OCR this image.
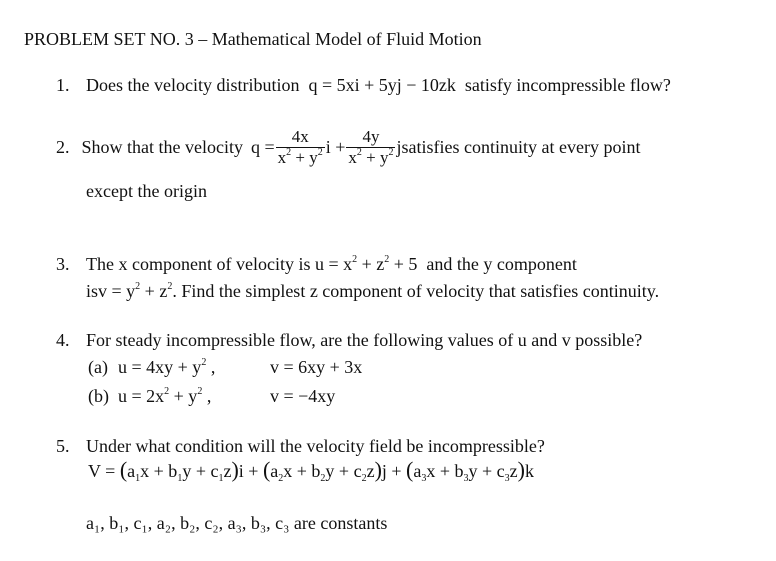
PROBLEM SET NO. 3 – Mathematical Model of Fluid Motion
1. Does the velocity distribution  q = 5xi + 5yj − 10zk  satisfy incompressible flow?
2. Show that the velocity $q = \frac{4x}{x^2 + y^2}$ $i + \frac{4y}{x^2 + y^2}$ j satisfies continuity at every point
except the origin
3. The x component of velocity is $u = x^2 + z^2 + 5$  and the y component
isv = $y^2 + z^2$. Find the simplest z component of velocity that satisfies continuity.
4. For steady incompressible flow, are the following values of u and v possible?
(a) $u = 4xy + y^2$ ,	v = 6xy + 3x
(b) $u = 2x^2 + y^2$ ,	v = −4xy
5. Under what condition will the velocity field be incompressible?
$V = (a_1x + b_1y + c_1z)i + (a_2x + b_2y + c_2z)j + (a_3x + b_3y + c_3z)k$
a₁, b₁, c₁, a₂, b₂, c₂, a₃, b₃, c₃ are constants
